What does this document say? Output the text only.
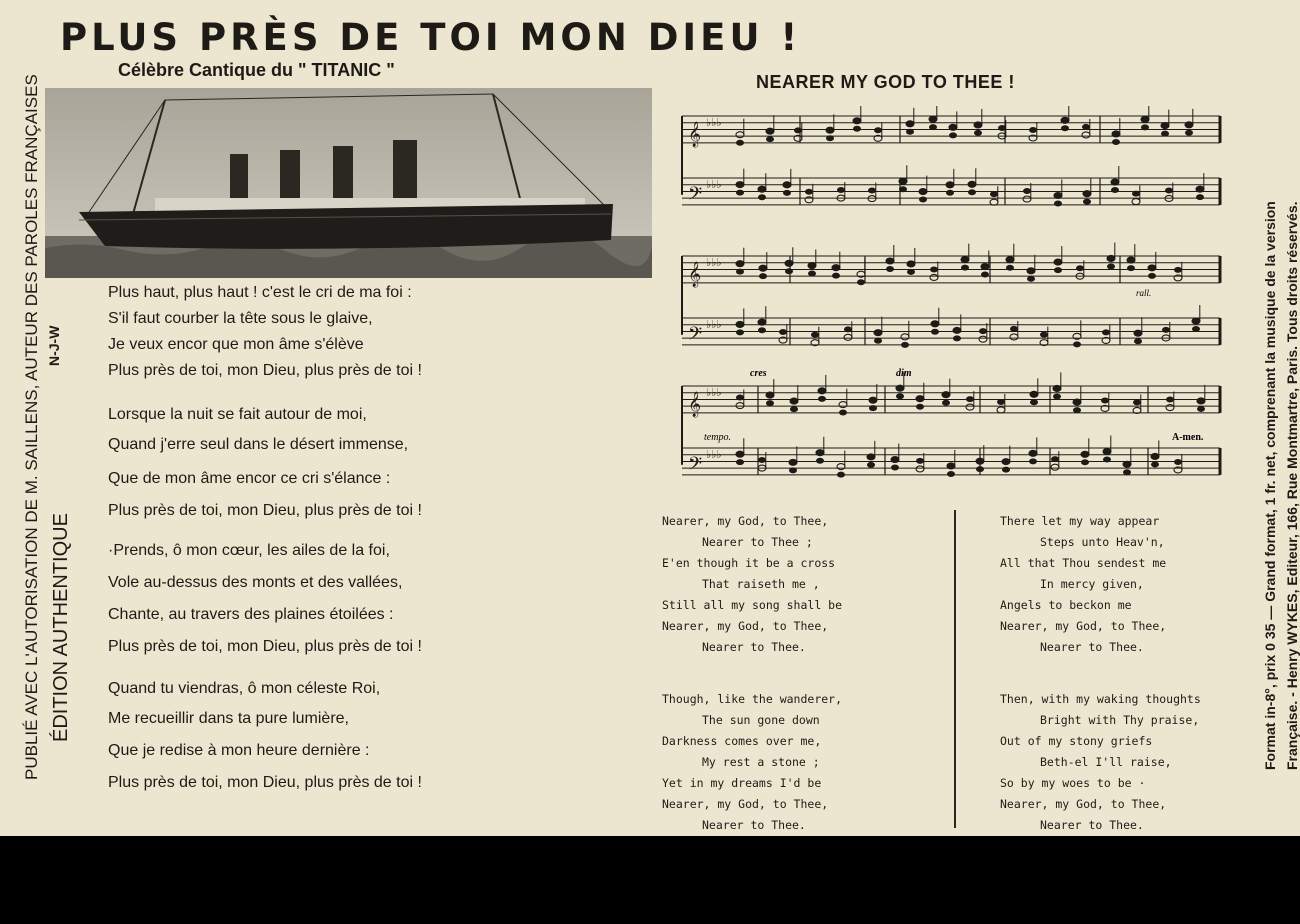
PLUS PRÈS DE TOI MON DIEU !
Célèbre Cantique du " TITANIC "
NEARER MY GOD TO THEE !
PUBLIÉ AVEC L'AUTORISATION DE M. SAILLENS, AUTEUR DES PAROLES FRANÇAISES ÉDITION AUTHENTIQUE
N-J-W	Format in-8°, prix 0 35 — Grand format, 1 fr. net, comprenant la musique de la version Française. - Henry WYKES, Editeur, 166, Rue Montmartre, Paris. Tous droits réservés.
Plus haut, plus haut ! c'est le cri de ma foi :
S'il faut courber la tête sous le glaive,
Je veux encor que mon âme s'élève
Plus près de toi, mon Dieu, plus près de toi !
Lorsque la nuit se fait autour de moi,
Quand j'erre seul dans le désert immense,
Que de mon âme encor ce cri s'élance :
Plus près de toi, mon Dieu, plus près de toi !
·Prends, ô mon cœur, les ailes de la foi,
Vole au-dessus des monts et des vallées,
Chante, au travers des plaines étoilées :
Plus près de toi, mon Dieu, plus près de toi !
Quand tu viendras, ô mon céleste Roi,
Me recueillir dans ta pure lumière,
Que je redise à mon heure dernière :
Plus près de toi, mon Dieu, plus près de toi !
𝄞 ♭♭♭
𝄢 ♭♭♭
𝄞 ♭♭♭
𝄢 ♭♭♭
𝄞 ♭♭♭
𝄢 ♭♭♭
rall.
cres	dim
tempo.	A-men.
Nearer, my God, to Thee,
Nearer to Thee ;
E'en though it be a cross
That raiseth me ,
Still all my song shall be
Nearer, my God, to Thee,
Nearer to Thee.
There let my way appear
Steps unto Heav'n,
All that Thou sendest me
In mercy given,
Angels to beckon me
Nearer, my God, to Thee,
Nearer to Thee.
Though, like the wanderer,
The sun gone down
Darkness comes over me,
My rest a stone ;
Yet in my dreams I'd be
Nearer, my God, to Thee,
Nearer to Thee.
Then, with my waking thoughts
Bright with Thy praise,
Out of my stony griefs
Beth-el I'll raise,
So by my woes to be ·
Nearer, my God, to Thee,
Nearer to Thee.
